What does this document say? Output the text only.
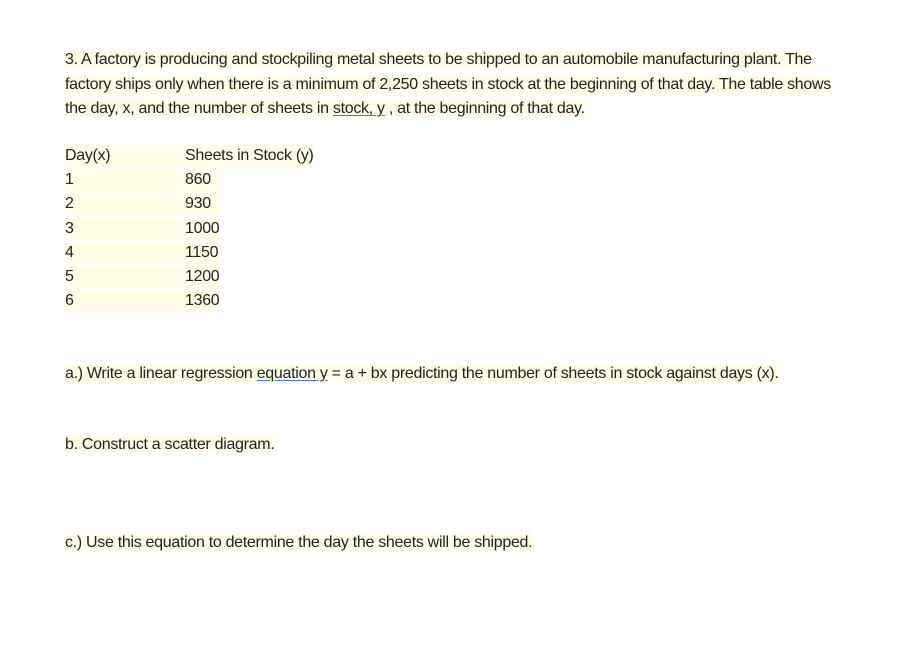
3. A factory is producing and stockpiling metal sheets to be shipped to an automobile manufacturing plant. The
factory ships only when there is a minimum of 2,250 sheets in stock at the beginning of that day. The table shows
the day, x, and the number of sheets in stock, y , at the beginning of that day.
Day(x)	Sheets in Stock (y)
1	860
2	930
3	1000
4	1150
5	1200
6	1360
a.) Write a linear regression equation y = a + bx predicting the number of sheets in stock against days (x).
b. Construct a scatter diagram.
c.) Use this equation to determine the day the sheets will be shipped.
